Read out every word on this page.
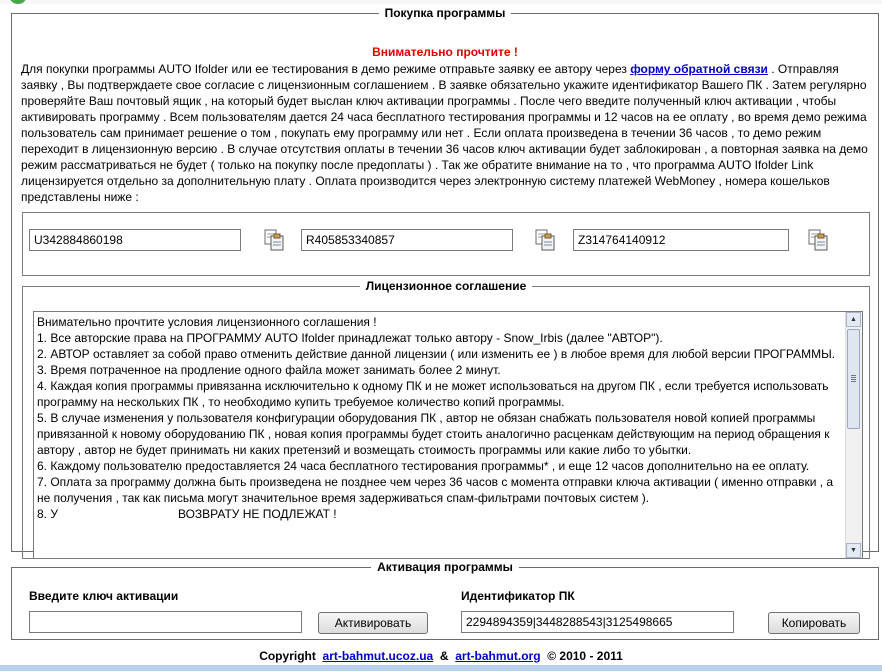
Покупка программы
Внимательно прочтите !
Для покупки программы AUTO Ifolder или ее тестирования в демо режиме отправьте заявку ее автору через форму обратной связи . Отправляя заявку , Вы подтверждаете свое согласие с лицензионным соглашением . В заявке обязательно укажите идентификатор Вашего ПК . Затем регулярно проверяйте Ваш почтовый ящик , на который будет выслан ключ активации программы . После чего введите полученный ключ активации , чтобы активировать программу . Всем пользователям дается 24 часа бесплатного тестирования программы и 12 часов на ее оплату , во время демо режима пользователь сам принимает решение о том , покупать ему программу или нет . Если оплата произведена в течении 36 часов , то демо режим переходит в лицензионную версию . В случае отсутствия оплаты в течении 36 часов ключ активации будет заблокирован , а повторная заявка на демо режим рассматриваться не будет ( только на покупку после предоплаты ) . Так же обратите внимание на то , что программа AUTO Ifolder Link лицензируется отдельно за дополнительную плату . Оплата производится через электронную систему платежей WebMoney , номера кошельков представлены ниже :
U342884860198
R405853340857
Z314764140912
Лицензионное соглашение
Внимательно прочтите условия лицензионного соглашения !
1. Все авторские права на ПРОГРАММУ AUTO Ifolder принадлежат только автору - Snow_Irbis (далее "АВТОР").
2. АВТОР оставляет за собой право отменить действие данной лицензии ( или изменить ее ) в любое время для любой версии ПРОГРАММЫ.
3. Время потраченное на продление одного файла может занимать более 2 минут.
4. Каждая копия программы привязанна исключительно к одному ПК и не может использоваться на другом ПК , если требуется использовать программу на нескольких ПК , то необходимо купить требуемое количество копий программы.
5. В случае изменения у пользователя конфигурации оборудования ПК , автор не обязан снабжать пользователя новой копией программы привязанной к новому оборудованию ПК , новая копия программы будет стоить аналогично расценкам действующим на период обращения к автору , автор не будет принимать ни каких претензий и возмещать стоимость программы или какие либо то убытки.
6. Каждому пользователю предоставляется 24 часа бесплатного тестирования программы* , и еще 12 часов дополнительно на ее оплату.
7. Оплата за программу должна быть произведена не позднее чем через 36 часов с момента отправки ключа активации ( именно отправки , а не получения , так как письма могут значительное время задерживаться спам-фильтрами почтовых систем ).
8. У                                    ВОЗВРАТУ НЕ ПОДЛЕЖАТ !
▲
▼
Активация программы
Введите ключ активации
Активировать
Идентификатор ПК
2294894359|3448288543|3125498665
Копировать
Copyright art-bahmut.ucoz.ua & art-bahmut.org © 2010 - 2011
